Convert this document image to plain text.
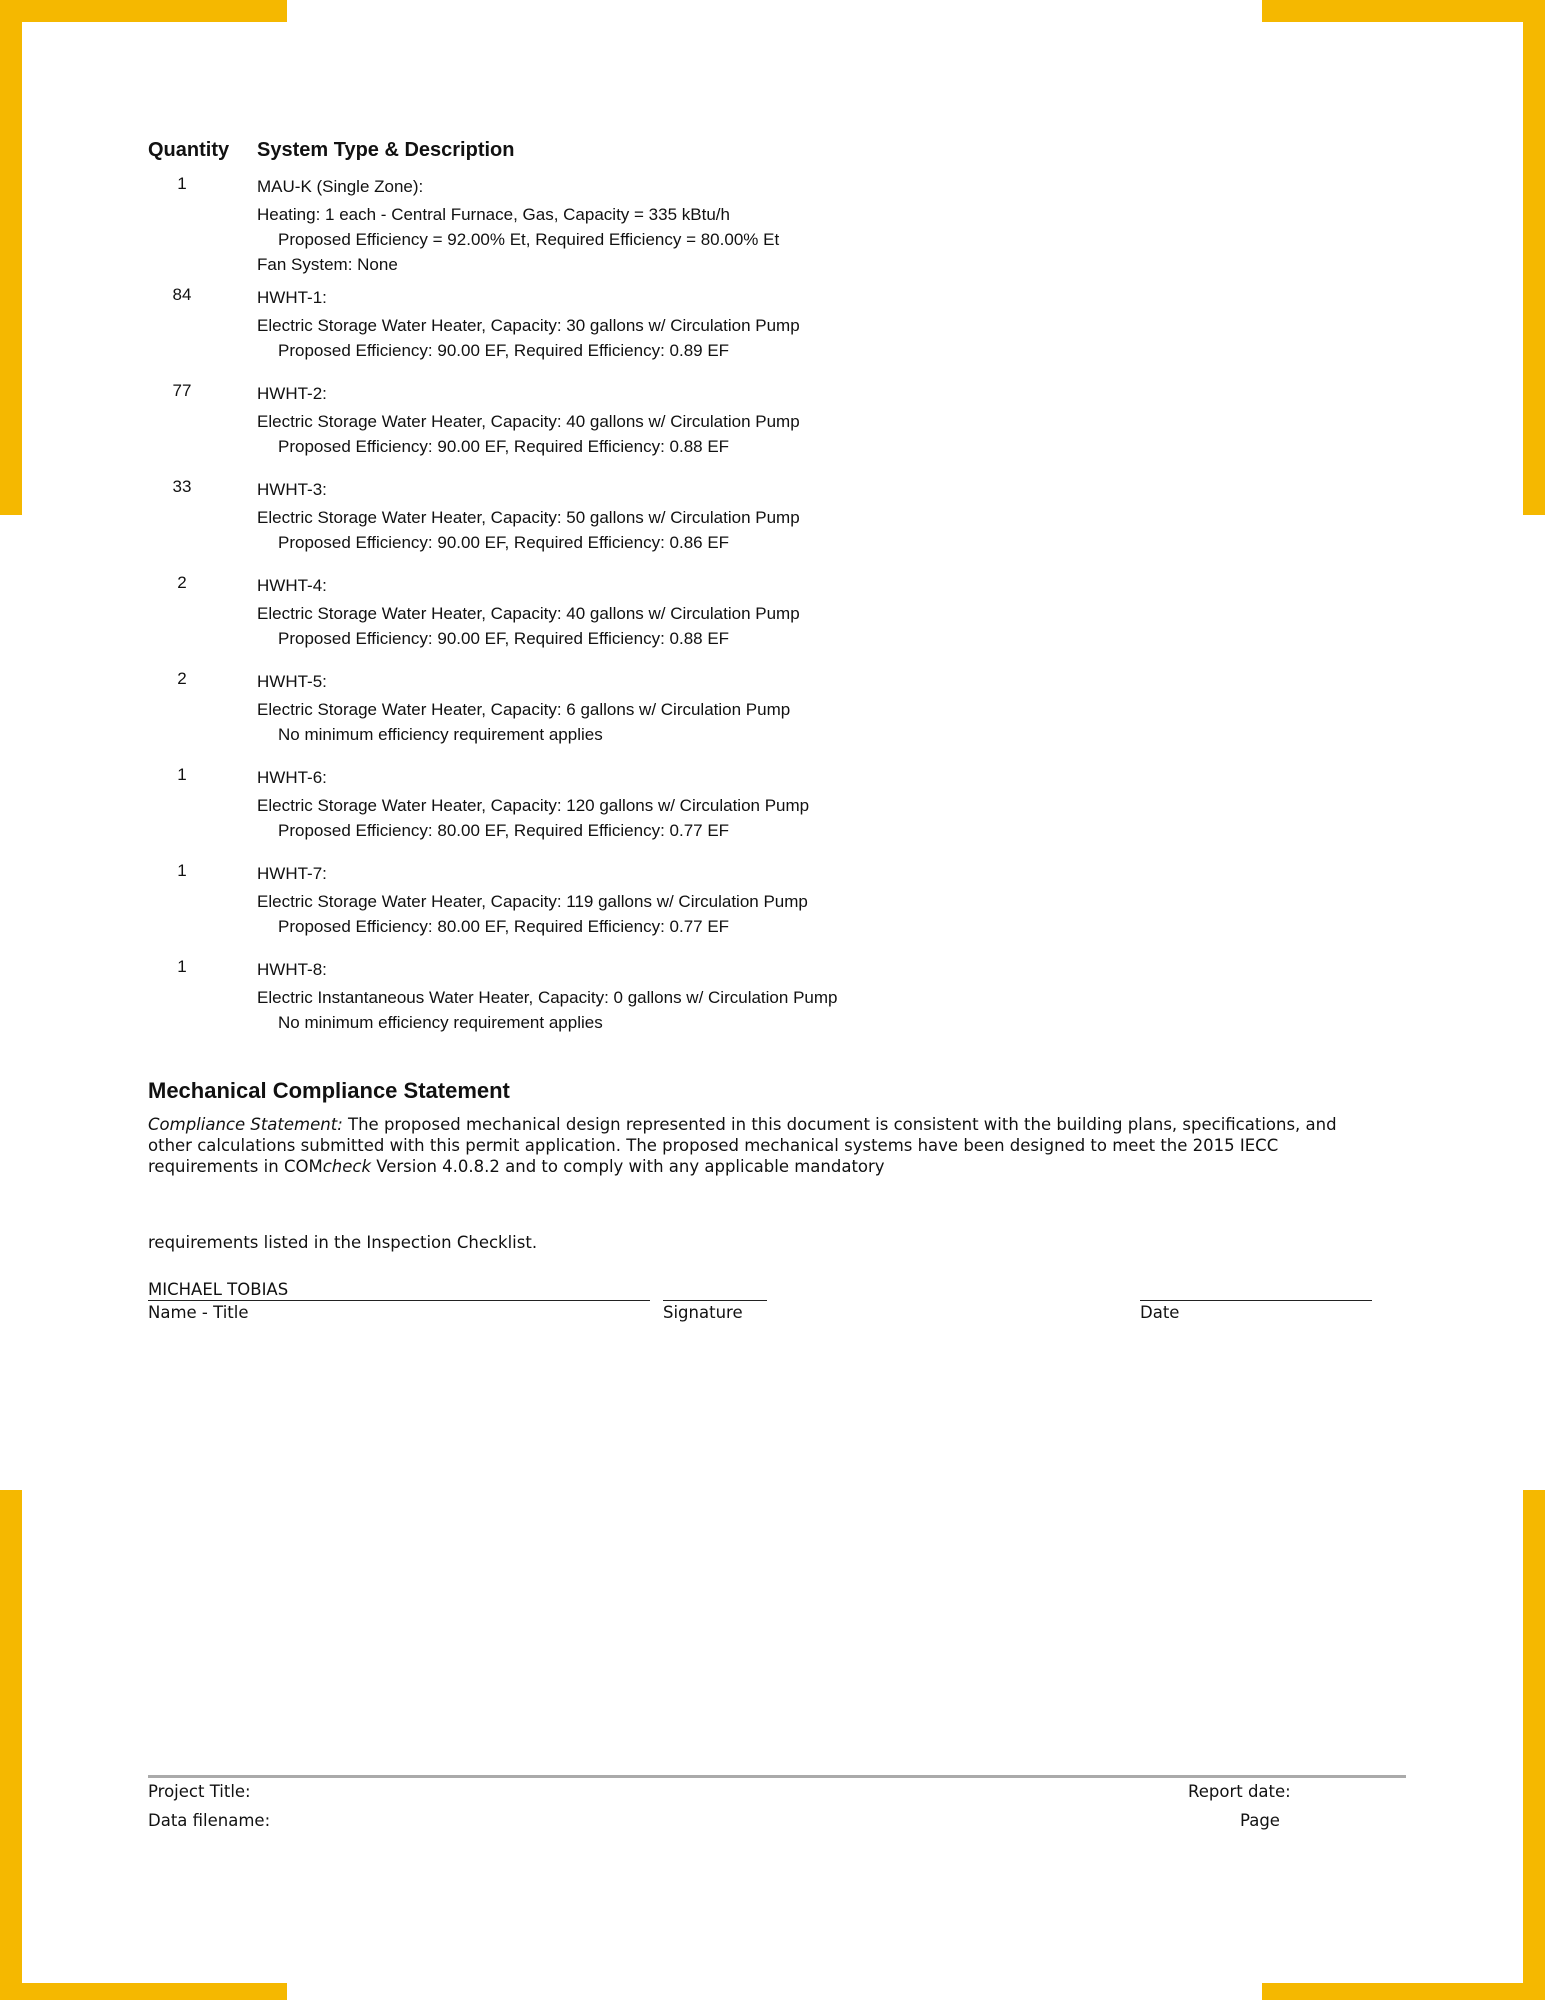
Quantity System Type & Description
1	MAU-K (Single Zone):
Heating: 1 each - Central Furnace, Gas, Capacity = 335 kBtu/h
Proposed Efficiency = 92.00% Et, Required Efficiency = 80.00% Et
Fan System: None
84	HWHT-1:
Electric Storage Water Heater, Capacity: 30 gallons w/ Circulation Pump
Proposed Efficiency: 90.00 EF, Required Efficiency: 0.89 EF
77	HWHT-2:
Electric Storage Water Heater, Capacity: 40 gallons w/ Circulation Pump
Proposed Efficiency: 90.00 EF, Required Efficiency: 0.88 EF
33	HWHT-3:
Electric Storage Water Heater, Capacity: 50 gallons w/ Circulation Pump
Proposed Efficiency: 90.00 EF, Required Efficiency: 0.86 EF
2	HWHT-4:
Electric Storage Water Heater, Capacity: 40 gallons w/ Circulation Pump
Proposed Efficiency: 90.00 EF, Required Efficiency: 0.88 EF
2	HWHT-5:
Electric Storage Water Heater, Capacity: 6 gallons w/ Circulation Pump
No minimum efficiency requirement applies
1	HWHT-6:
Electric Storage Water Heater, Capacity: 120 gallons w/ Circulation Pump
Proposed Efficiency: 80.00 EF, Required Efficiency: 0.77 EF
1	HWHT-7:
Electric Storage Water Heater, Capacity: 119 gallons w/ Circulation Pump
Proposed Efficiency: 80.00 EF, Required Efficiency: 0.77 EF
1	HWHT-8:
Electric Instantaneous Water Heater, Capacity: 0 gallons w/ Circulation Pump
No minimum efficiency requirement applies
Mechanical Compliance Statement
Compliance Statement: The proposed mechanical design represented in this document is consistent with the building plans, specifications, and other calculations submitted with this permit application. The proposed mechanical systems have been designed to meet the 2015 IECC requirements in COMcheck Version 4.0.8.2 and to comply with any applicable mandatory
requirements listed in the Inspection Checklist.
MICHAEL TOBIAS
Name - Title	Signature	Date
Project Title:
Data filename:
Report date:
Page
